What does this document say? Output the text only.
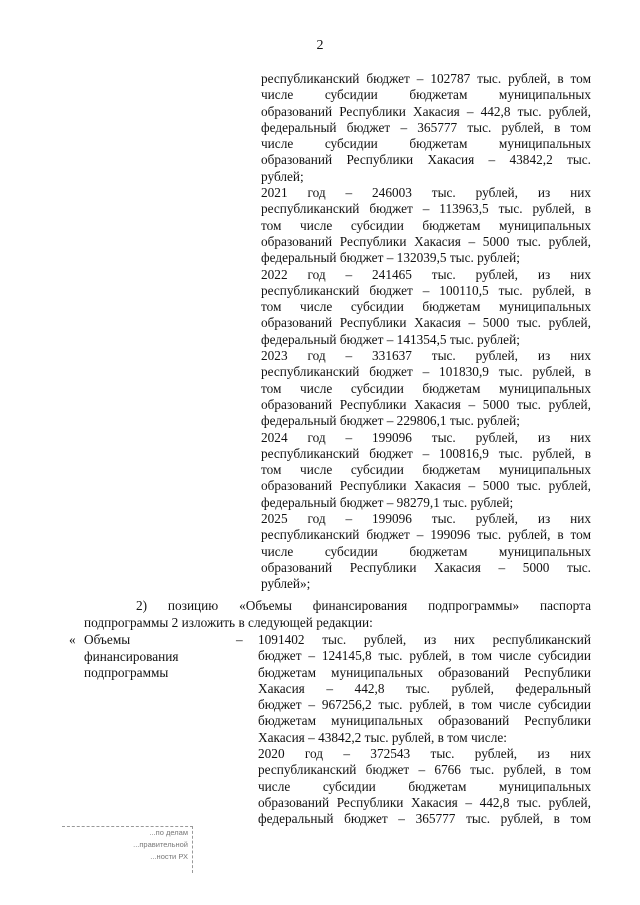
2

республиканский бюджет – 102787 тыс. рублей, в том

числе субсидии бюджетам муниципальных

образований Республики Хакасия – 442,8 тыс. рублей,

федеральный бюджет – 365777 тыс. рублей, в том

числе субсидии бюджетам муниципальных

образований Республики Хакасия – 43842,2 тыс.

рублей;

2021 год – 246003 тыс. рублей, из них

республиканский бюджет – 113963,5 тыс. рублей, в

том числе субсидии бюджетам муниципальных

образований Республики Хакасия – 5000 тыс. рублей,

федеральный бюджет – 132039,5 тыс. рублей;

2022 год – 241465 тыс. рублей, из них

республиканский бюджет – 100110,5 тыс. рублей, в

том числе субсидии бюджетам муниципальных

образований Республики Хакасия – 5000 тыс. рублей,

федеральный бюджет – 141354,5 тыс. рублей;

2023 год – 331637 тыс. рублей, из них

республиканский бюджет – 101830,9 тыс. рублей, в

том числе субсидии бюджетам муниципальных

образований Республики Хакасия – 5000 тыс. рублей,

федеральный бюджет – 229806,1 тыс. рублей;

2024 год – 199096 тыс. рублей, из них

республиканский бюджет – 100816,9 тыс. рублей, в

том числе субсидии бюджетам муниципальных

образований Республики Хакасия – 5000 тыс. рублей,

федеральный бюджет – 98279,1 тыс. рублей;

2025 год – 199096 тыс. рублей, из них

республиканский бюджет – 199096 тыс. рублей, в том

числе субсидии бюджетам муниципальных

образований Республики Хакасия – 5000 тыс.

рублей»;

2) позицию «Объемы финансирования подпрограммы» паспорта

подпрограммы 2 изложить в следующей редакции:

« Объемы
финансирования
подпрограммы
– 1091402 тыс. рублей, из них республиканский

бюджет – 124145,8 тыс. рублей, в том числе субсидии

бюджетам муниципальных образований Республики

Хакасия – 442,8 тыс. рублей, федеральный

бюджет – 967256,2 тыс. рублей, в том числе субсидии

бюджетам муниципальных образований Республики

Хакасия – 43842,2 тыс. рублей, в том числе:

2020 год – 372543 тыс. рублей, из них

республиканский бюджет – 6766 тыс. рублей, в том

числе субсидии бюджетам муниципальных

образований Республики Хакасия – 442,8 тыс. рублей,

федеральный бюджет – 365777 тыс. рублей, в том

...по делам
...правительной
...ности РХ
